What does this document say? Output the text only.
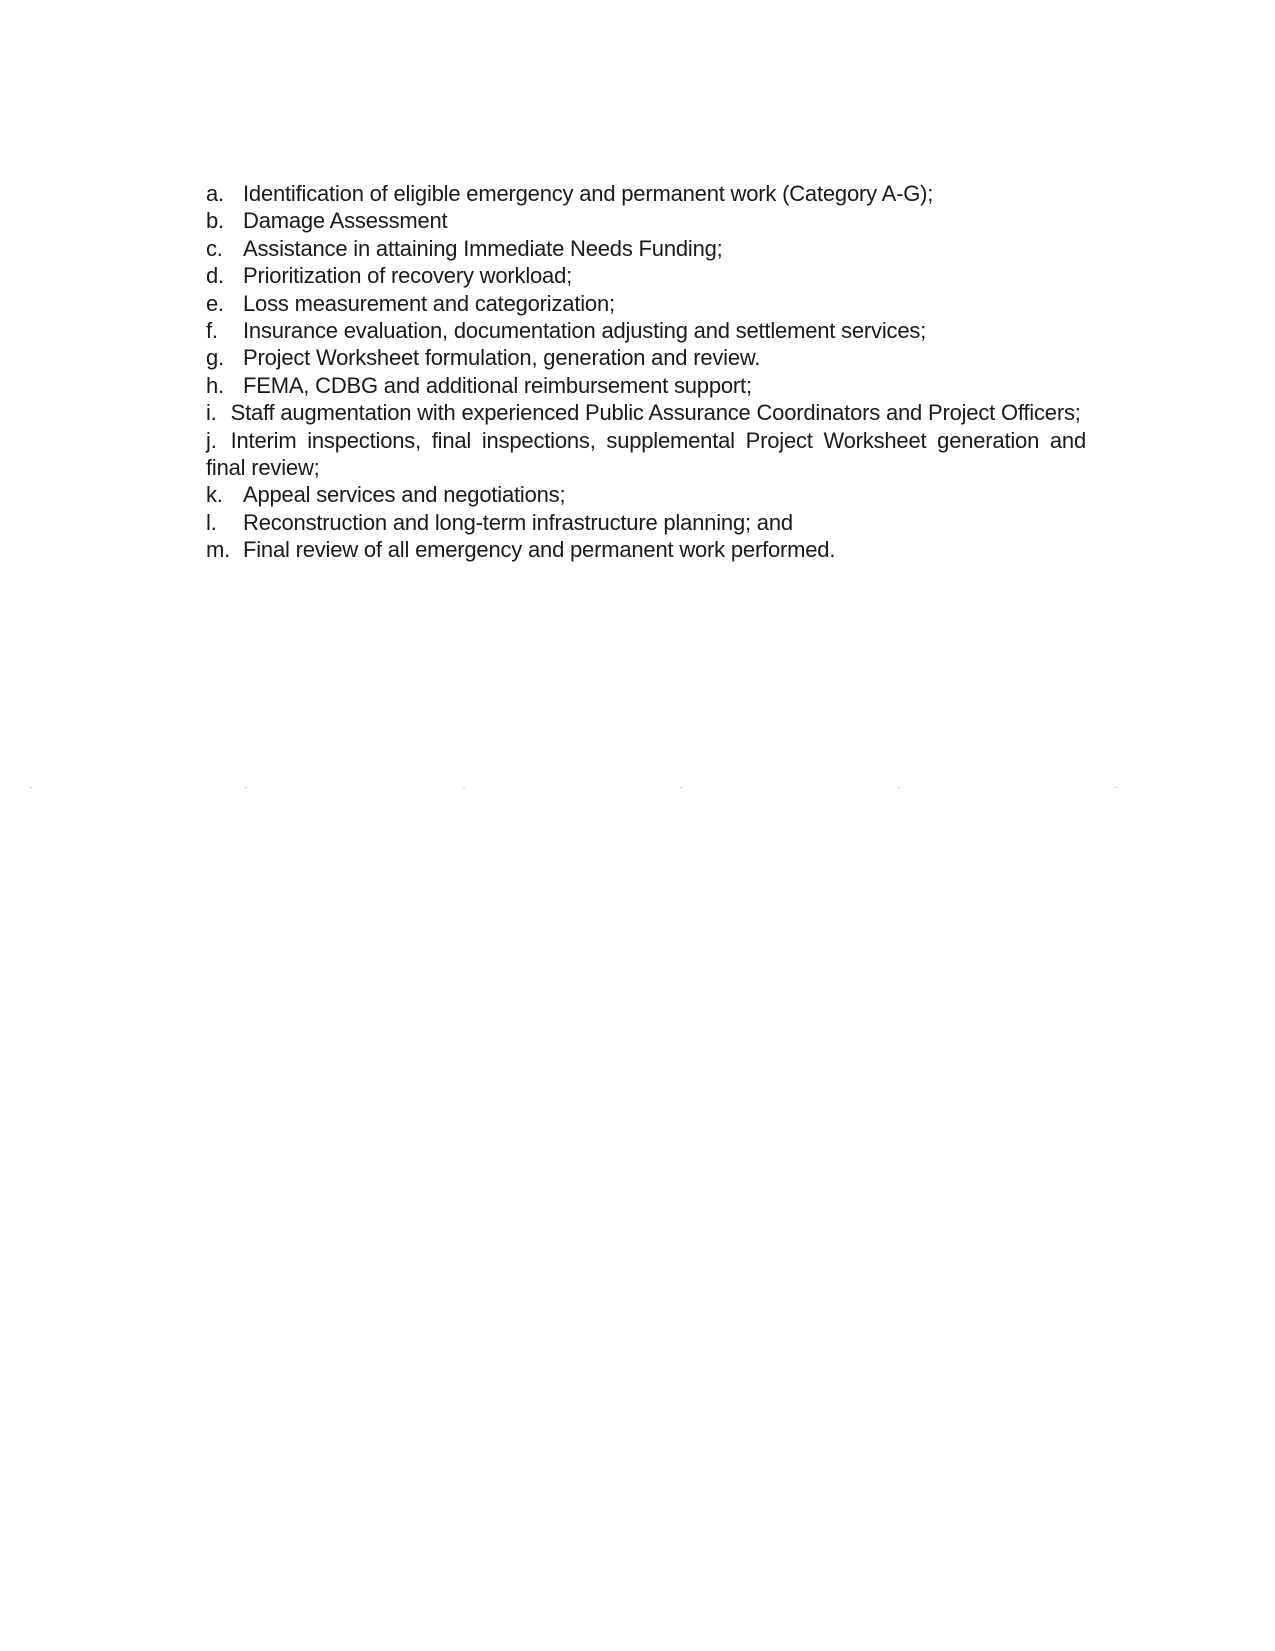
a. Identification of eligible emergency and permanent work (Category A-G);
b. Damage Assessment
c. Assistance in attaining Immediate Needs Funding;
d. Prioritization of recovery workload;
e. Loss measurement and categorization;
f. Insurance evaluation, documentation adjusting and settlement services;
g. Project Worksheet formulation, generation and review.
h. FEMA, CDBG and additional reimbursement support;
i. Staff augmentation with experienced Public Assurance Coordinators and Project Officers;
j. Interim inspections, final inspections, supplemental Project Worksheet generation and final review;
k. Appeal services and negotiations;
l. Reconstruction and long-term infrastructure planning; and
m. Final review of all emergency and permanent work performed.
